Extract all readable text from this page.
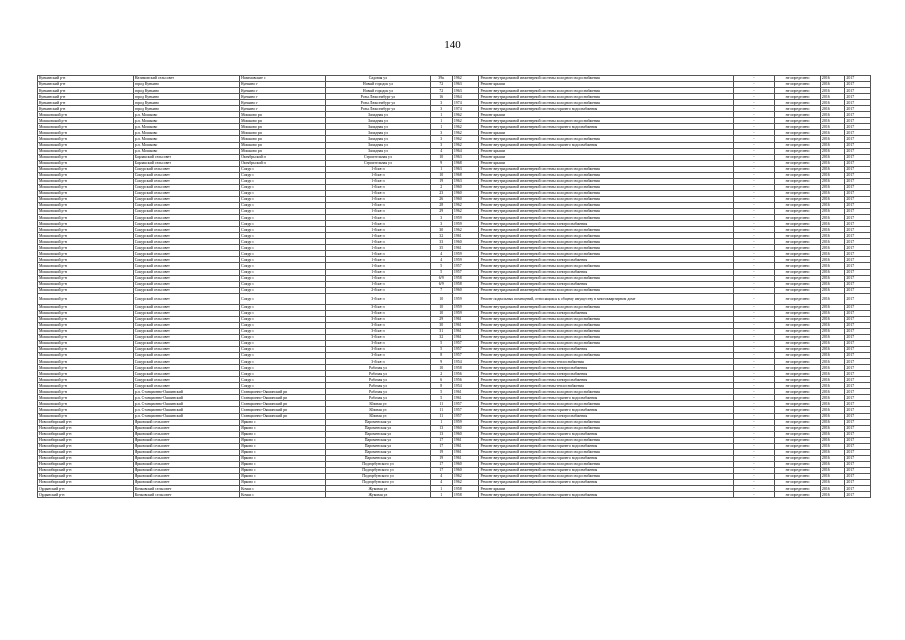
140
Куньинский р-н	Назимовский сельсовет	Назимовские с	Садовая ул	39к	1962	Ремонт внутридомовой инженерной системы холодного водоснабжения	-	не определено	2016	2017
Куньинский р-н	город Куньино	Куньино г	Новый городок ул	72	1963	Ремонт крыши	-	не определено	2016	2017
Куньинский р-н	город Куньино	Куньино г	Новый городок ул	72	1963	Ремонт внутридомовой инженерной системы холодного водоснабжения	-	не определено	2016	2017
Куньинский р-н	город Куньино	Куньино г	Розы Люксембург ул	16	1964	Ремонт внутридомовой инженерной системы холодного водоснабжения	-	не определено	2016	2017
Куньинский р-н	город Куньино	Куньино г	Розы Люксембург ул	3	1974	Ремонт внутридомовой инженерной системы холодного водоснабжения	-	не определено	2016	2017
Куньинский р-н	город Куньино	Куньино г	Розы Люксембург ул	3	1974	Ремонт внутридомовой инженерной системы горячего водоснабжения	-	не определено	2016	2017
Мошковский р-н	р.п. Мошково	Мошково рп	Западная ул	1	1962	Ремонт крыши	-	не определено	2016	2017
Мошковский р-н	р.п. Мошково	Мошково рп	Западная ул	1	1962	Ремонт внутридомовой инженерной системы холодного водоснабжения	-	не определено	2016	2017
Мошковский р-н	р.п. Мошково	Мошково рп	Западная ул	1	1962	Ремонт внутридомовой инженерной системы горячего водоснабжения	-	не определено	2016	2017
Мошковский р-н	р.п. Мошково	Мошково рп	Западная ул	3	1962	Ремонт крыши	-	не определено	2016	2017
Мошковский р-н	р.п. Мошково	Мошково рп	Западная ул	3	1962	Ремонт внутридомовой инженерной системы холодного водоснабжения	-	не определено	2016	2017
Мошковский р-н	р.п. Мошково	Мошково рп	Западная ул	3	1962	Ремонт внутридомовой инженерной системы горячего водоснабжения	-	не определено	2016	2017
Мошковский р-н	р.п. Мошково	Мошково рп	Западная ул	4	1964	Ремонт крыши	-	не определено	2016	2017
Мошковский р-н	Барлакский сельсовет	Октябрьский п	Строительная ул	10	1963	Ремонт крыши	-	не определено	2016	2017
Мошковский р-н	Барлакский сельсовет	Октябрьский п	Строительная ул	9	1968	Ремонт крыши	-	не определено	2016	2017
Мошковский р-н	Сокурский сельсовет	Сокур с	1-й кв-л	1	1963	Ремонт внутридомовой инженерной системы холодного водоснабжения	-	не определено	2016	2017
Мошковский р-н	Сокурский сельсовет	Сокур с	1-й кв-л	10	1968	Ремонт внутридомовой инженерной системы холодного водоснабжения	-	не определено	2016	2017
Мошковский р-н	Сокурский сельсовет	Сокур с	1-й кв-л	19	1963	Ремонт внутридомовой инженерной системы холодного водоснабжения	-	не определено	2016	2017
Мошковский р-н	Сокурский сельсовет	Сокур с	1-й кв-л	2	1960	Ремонт внутридомовой инженерной системы холодного водоснабжения	-	не определено	2016	2017
Мошковский р-н	Сокурский сельсовет	Сокур с	1-й кв-л	23	1960	Ремонт внутридомовой инженерной системы холодного водоснабжения	-	не определено	2016	2017
Мошковский р-н	Сокурский сельсовет	Сокур с	1-й кв-л	26	1960	Ремонт внутридомовой инженерной системы холодного водоснабжения	-	не определено	2016	2017
Мошковский р-н	Сокурский сельсовет	Сокур с	1-й кв-л	28	1962	Ремонт внутридомовой инженерной системы холодного водоснабжения	-	не определено	2016	2017
Мошковский р-н	Сокурский сельсовет	Сокур с	1-й кв-л	29	1962	Ремонт внутридомовой инженерной системы холодного водоснабжения	-	не определено	2016	2017
Мошковский р-н	Сокурский сельсовет	Сокур с	1-й кв-л	3	1959	Ремонт внутридомовой инженерной системы холодного водоснабжения	-	не определено	2016	2017
Мошковский р-н	Сокурский сельсовет	Сокур с	1-й кв-л	3	1959	Ремонт внутридомовой инженерной системы электроснабжения	-	не определено	2016	2017
Мошковский р-н	Сокурский сельсовет	Сокур с	1-й кв-л	30	1962	Ремонт внутридомовой инженерной системы холодного водоснабжения	-	не определено	2016	2017
Мошковский р-н	Сокурский сельсовет	Сокур с	1-й кв-л	32	1961	Ремонт внутридомовой инженерной системы холодного водоснабжения	-	не определено	2016	2017
Мошковский р-н	Сокурский сельсовет	Сокур с	1-й кв-л	33	1960	Ремонт внутридомовой инженерной системы холодного водоснабжения	-	не определено	2016	2017
Мошковский р-н	Сокурский сельсовет	Сокур с	1-й кв-л	35	1961	Ремонт внутридомовой инженерной системы холодного водоснабжения	-	не определено	2016	2017
Мошковский р-н	Сокурский сельсовет	Сокур с	1-й кв-л	4	1959	Ремонт внутридомовой инженерной системы холодного водоснабжения	-	не определено	2016	2017
Мошковский р-н	Сокурский сельсовет	Сокур с	1-й кв-л	4	1959	Ремонт внутридомовой инженерной системы электроснабжения	-	не определено	2016	2017
Мошковский р-н	Сокурский сельсовет	Сокур с	1-й кв-л	5	1957	Ремонт внутридомовой инженерной системы холодного водоснабжения	-	не определено	2016	2017
Мошковский р-н	Сокурский сельсовет	Сокур с	1-й кв-л	5	1957	Ремонт внутридомовой инженерной системы электроснабжения	-	не определено	2016	2017
Мошковский р-н	Сокурский сельсовет	Сокур с	1-й кв-л	6/9	1958	Ремонт внутридомовой инженерной системы холодного водоснабжения	-	не определено	2016	2017
Мошковский р-н	Сокурский сельсовет	Сокур с	1-й кв-л	6/9	1958	Ремонт внутридомовой инженерной системы электроснабжения	-	не определено	2016	2017
Мошковский р-н	Сокурский сельсовет	Сокур с	2-й кв-л	7	1960	Ремонт внутридомовой инженерной системы холодного водоснабжения	-	не определено	2016	2017
Мошковский р-н	Сокурский сельсовет	Сокур с	3-й кв-л	10	1959	Ремонт подвальных помещений, относящихся к общему имуществу в многоквартирном доме	-	не определено	2016	2017
Мошковский р-н	Сокурский сельсовет	Сокур с	3-й кв-л	10	1959	Ремонт внутридомовой инженерной системы холодного водоснабжения	-	не определено	2016	2017
Мошковский р-н	Сокурский сельсовет	Сокур с	3-й кв-л	10	1959	Ремонт внутридомовой инженерной системы электроснабжения	-	не определено	2016	2017
Мошковский р-н	Сокурский сельсовет	Сокур с	3-й кв-л	29	1961	Ремонт внутридомовой инженерной системы холодного водоснабжения	-	не определено	2016	2017
Мошковский р-н	Сокурский сельсовет	Сокур с	3-й кв-л	30	1961	Ремонт внутридомовой инженерной системы холодного водоснабжения	-	не определено	2016	2017
Мошковский р-н	Сокурский сельсовет	Сокур с	3-й кв-л	31	1961	Ремонт внутридомовой инженерной системы холодного водоснабжения	-	не определено	2016	2017
Мошковский р-н	Сокурский сельсовет	Сокур с	3-й кв-л	32	1961	Ремонт внутридомовой инженерной системы холодного водоснабжения	-	не определено	2016	2017
Мошковский р-н	Сокурский сельсовет	Сокур с	3-й кв-л	5	1957	Ремонт внутридомовой инженерной системы холодного водоснабжения	-	не определено	2016	2017
Мошковский р-н	Сокурский сельсовет	Сокур с	3-й кв-л	5	1957	Ремонт внутридомовой инженерной системы электроснабжения	-	не определено	2016	2017
Мошковский р-н	Сокурский сельсовет	Сокур с	3-й кв-л	8	1957	Ремонт внутридомовой инженерной системы холодного водоснабжения	-	не определено	2016	2017
Мошковский р-н	Сокурский сельсовет	Сокур с	3-й кв-л	9	1954	Ремонт внутридомовой инженерной системы теплоснабжения	-	не определено	2016	2017
Мошковский р-н	Сокурский сельсовет	Сокур с	Рабочая ул	10	1958	Ремонт внутридомовой инженерной системы электроснабжения	-	не определено	2016	2017
Мошковский р-н	Сокурский сельсовет	Сокур с	Рабочая ул	2	1956	Ремонт внутридомовой инженерной системы электроснабжения	-	не определено	2016	2017
Мошковский р-н	Сокурский сельсовет	Сокур с	Рабочая ул	6	1956	Ремонт внутридомовой инженерной системы электроснабжения	-	не определено	2016	2017
Мошковский р-н	Сокурский сельсовет	Сокур с	Рабочая ул	8	1954	Ремонт внутридомовой инженерной системы теплоснабжения	-	не определено	2016	2017
Мошковский р-н	р.п. Станционно-Ояшинский	Станционно-Ояшинский рп	Рабочая ул	5	1961	Ремонт внутридомовой инженерной системы холодного водоснабжения	-	не определено	2016	2017
Мошковский р-н	р.п. Станционно-Ояшинский	Станционно-Ояшинский рп	Рабочая ул	5	1961	Ремонт внутридомовой инженерной системы горячего водоснабжения	-	не определено	2016	2017
Мошковский р-н	р.п. Станционно-Ояшинский	Станционно-Ояшинский рп	Южная ул	11	1957	Ремонт внутридомовой инженерной системы холодного водоснабжения	-	не определено	2016	2017
Мошковский р-н	р.п. Станционно-Ояшинский	Станционно-Ояшинский рп	Южная ул	11	1957	Ремонт внутридомовой инженерной системы горячего водоснабжения	-	не определено	2016	2017
Мошковский р-н	р.п. Станционно-Ояшинский	Станционно-Ояшинский рп	Южная ул	11	1957	Ремонт внутридомовой инженерной системы электроснабжения	-	не определено	2016	2017
Новосибирский р-н	Ярковский сельсовет	Ярково с	Пароменская ул	1	1959	Ремонт внутридомовой инженерной системы холодного водоснабжения	-	не определено	2016	2017
Новосибирский р-н	Ярковский сельсовет	Ярково с	Пароменская ул	13	1960	Ремонт внутридомовой инженерной системы холодного водоснабжения	-	не определено	2016	2017
Новосибирский р-н	Ярковский сельсовет	Ярково с	Пароменская ул	13	1960	Ремонт внутридомовой инженерной системы горячего водоснабжения	-	не определено	2016	2017
Новосибирский р-н	Ярковский сельсовет	Ярково с	Пароменская ул	17	1961	Ремонт внутридомовой инженерной системы холодного водоснабжения	-	не определено	2016	2017
Новосибирский р-н	Ярковский сельсовет	Ярково с	Пароменская ул	17	1961	Ремонт внутридомовой инженерной системы горячего водоснабжения	-	не определено	2016	2017
Новосибирский р-н	Ярковский сельсовет	Ярково с	Пароменская ул	19	1961	Ремонт внутридомовой инженерной системы холодного водоснабжения	-	не определено	2016	2017
Новосибирский р-н	Ярковский сельсовет	Ярково с	Пароменская ул	19	1961	Ремонт внутридомовой инженерной системы горячего водоснабжения	-	не определено	2016	2017
Новосибирский р-н	Ярковский сельсовет	Ярково с	Подгорбунского ул	17	1960	Ремонт внутридомовой инженерной системы холодного водоснабжения	-	не определено	2016	2017
Новосибирский р-н	Ярковский сельсовет	Ярково с	Подгорбунского ул	17	1960	Ремонт внутридомовой инженерной системы горячего водоснабжения	-	не определено	2016	2017
Новосибирский р-н	Ярковский сельсовет	Ярково с	Подгорбунского ул	4	1962	Ремонт внутридомовой инженерной системы холодного водоснабжения	-	не определено	2016	2017
Новосибирский р-н	Ярковский сельсовет	Ярково с	Подгорбунского ул	4	1962	Ремонт внутридомовой инженерной системы горячего водоснабжения	-	не определено	2016	2017
Ордынский р-н	Кочковский сельсовет	Кочки с	Жуковая ул	1	1958	Ремонт крыши	-	не определено	2016	2017
Ордынский р-н	Кочковский сельсовет	Кочки с	Жуковая ул	1	1958	Ремонт внутридомовой инженерной системы горячего водоснабжения	-	не определено	2016	2017
